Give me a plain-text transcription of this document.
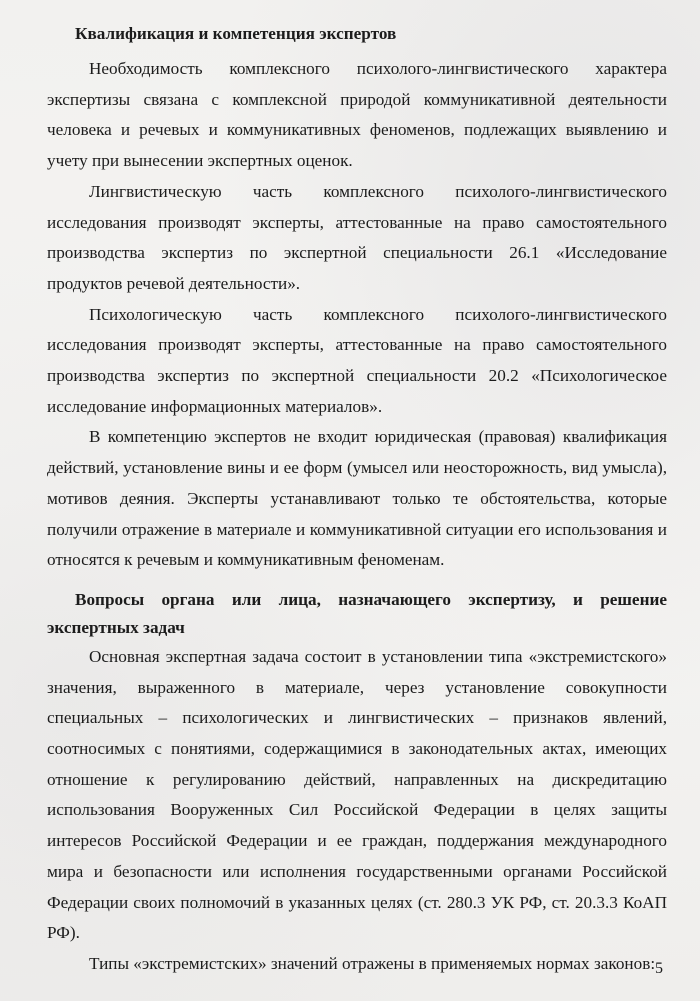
Квалификация и компетенция экспертов

Необходимость комплексного психолого-лингвистического характера экспертизы связана с комплексной природой коммуникативной деятельности человека и речевых и коммуникативных феноменов, подлежащих выявлению и учету при вынесении экспертных оценок.

Лингвистическую часть комплексного психолого-лингвистического исследования производят эксперты, аттестованные на право самостоятельного производства экспертиз по экспертной специальности 26.1 «Исследование продуктов речевой деятельности».

Психологическую часть комплексного психолого-лингвистического исследования производят эксперты, аттестованные на право самостоятельного производства экспертиз по экспертной специальности 20.2 «Психологическое исследование информационных материалов».

В компетенцию экспертов не входит юридическая (правовая) квалификация действий, установление вины и ее форм (умысел или неосторожность, вид умысла), мотивов деяния. Эксперты устанавливают только те обстоятельства, которые получили отражение в материале и коммуникативной ситуации его использования и относятся к речевым и коммуникативным феноменам.

Вопросы органа или лица, назначающего экспертизу, и решение
экспертных задач

Основная экспертная задача состоит в установлении типа «экстремистского» значения, выраженного в материале, через установление совокупности специальных – психологических и лингвистических – признаков явлений, соотносимых с понятиями, содержащимися в законодательных актах, имеющих отношение к регулированию действий, направленных на дискредитацию использования Вооруженных Сил Российской Федерации в целях защиты интересов Российской Федерации и ее граждан, поддержания международного мира и безопасности или исполнения государственными органами Российской Федерации своих полномочий в указанных целях (ст. 280.3 УК РФ, ст. 20.3.3 КоАП РФ).

Типы «экстремистских» значений отражены в применяемых нормах законов: 5
